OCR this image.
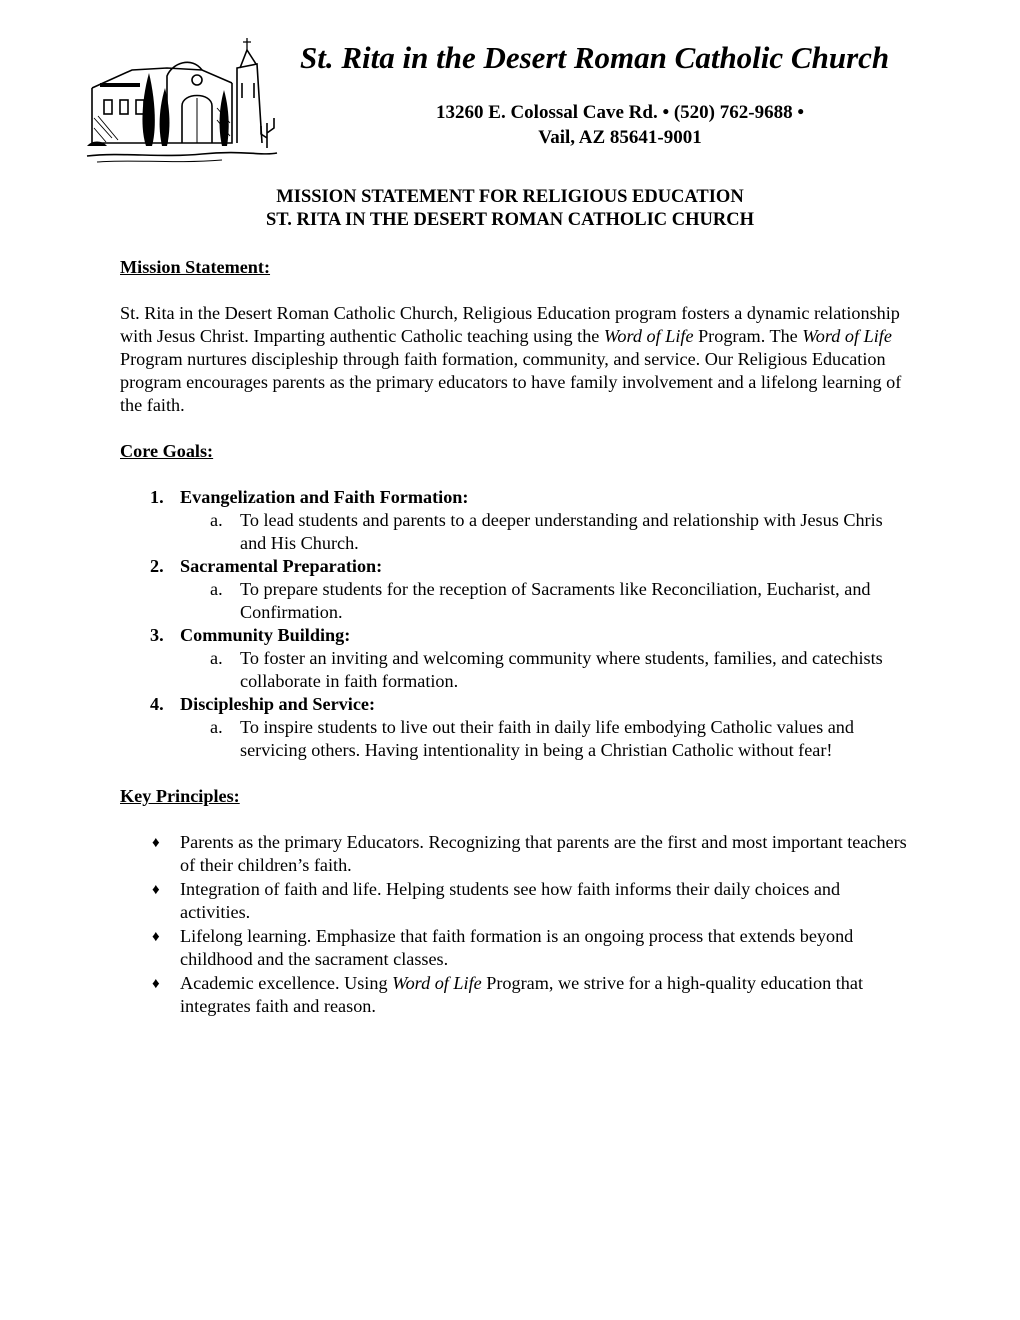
St. Rita in the Desert Roman Catholic Church
13260 E. Colossal Cave Rd. • (520) 762-9688 •
Vail, AZ 85641-9001
MISSION STATEMENT FOR RELIGIOUS EDUCATION
ST. RITA IN THE DESERT ROMAN CATHOLIC CHURCH
Mission Statement:

St. Rita in the Desert Roman Catholic Church, Religious Education program fosters a dynamic relationship with Jesus Christ. Imparting authentic Catholic teaching using the Word of Life Program. The Word of Life Program nurtures discipleship through faith formation, community, and service. Our Religious Education program encourages parents as the primary educators to have family involvement and a lifelong learning of the faith.

Core Goals:
1. Evangelization and Faith Formation:
a. To lead students and parents to a deeper understanding and relationship with Jesus Chris and His Church.
2. Sacramental Preparation:
a. To prepare students for the reception of Sacraments like Reconciliation, Eucharist, and Confirmation.
3. Community Building:
a. To foster an inviting and welcoming community where students, families, and catechists collaborate in faith formation.
4. Discipleship and Service:
a. To inspire students to live out their faith in daily life embodying Catholic values and servicing others. Having intentionality in being a Christian Catholic without fear!
Key Principles:
♦ Parents as the primary Educators. Recognizing that parents are the first and most important teachers of their children’s faith.
♦ Integration of faith and life. Helping students see how faith informs their daily choices and activities.
♦ Lifelong learning. Emphasize that faith formation is an ongoing process that extends beyond childhood and the sacrament classes.
♦ Academic excellence. Using Word of Life Program, we strive for a high-quality education that integrates faith and reason.
